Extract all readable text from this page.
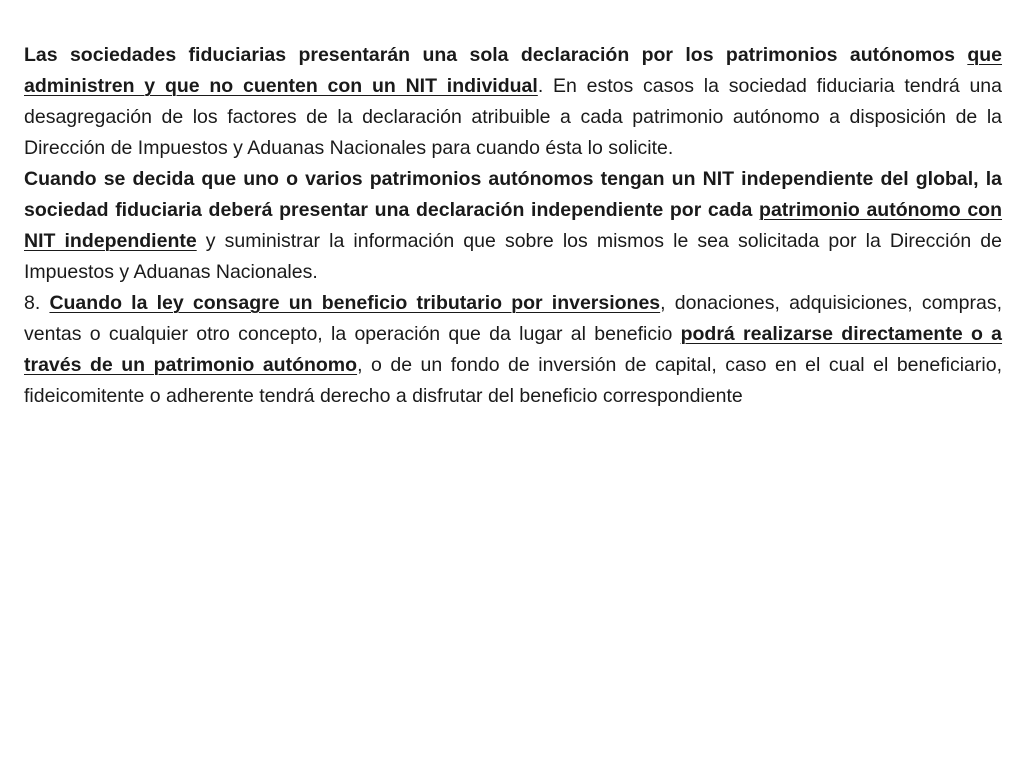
Las sociedades fiduciarias presentarán una sola declaración por los patrimonios autónomos que administren y que no cuenten con un NIT individual. En estos casos la sociedad fiduciaria tendrá una desagregación de los factores de la declaración atribuible a cada patrimonio autónomo a disposición de la Dirección de Impuestos y Aduanas Nacionales para cuando ésta lo solicite.

Cuando se decida que uno o varios patrimonios autónomos tengan un NIT independiente del global, la sociedad fiduciaria deberá presentar una declaración independiente por cada patrimonio autónomo con NIT independiente y suministrar la información que sobre los mismos le sea solicitada por la Dirección de Impuestos y Aduanas Nacionales.

8. Cuando la ley consagre un beneficio tributario por inversiones, donaciones, adquisiciones, compras, ventas o cualquier otro concepto, la operación que da lugar al beneficio podrá realizarse directamente o a través de un patrimonio autónomo, o de un fondo de inversión de capital, caso en el cual el beneficiario, fideicomitente o adherente tendrá derecho a disfrutar del beneficio correspondiente
